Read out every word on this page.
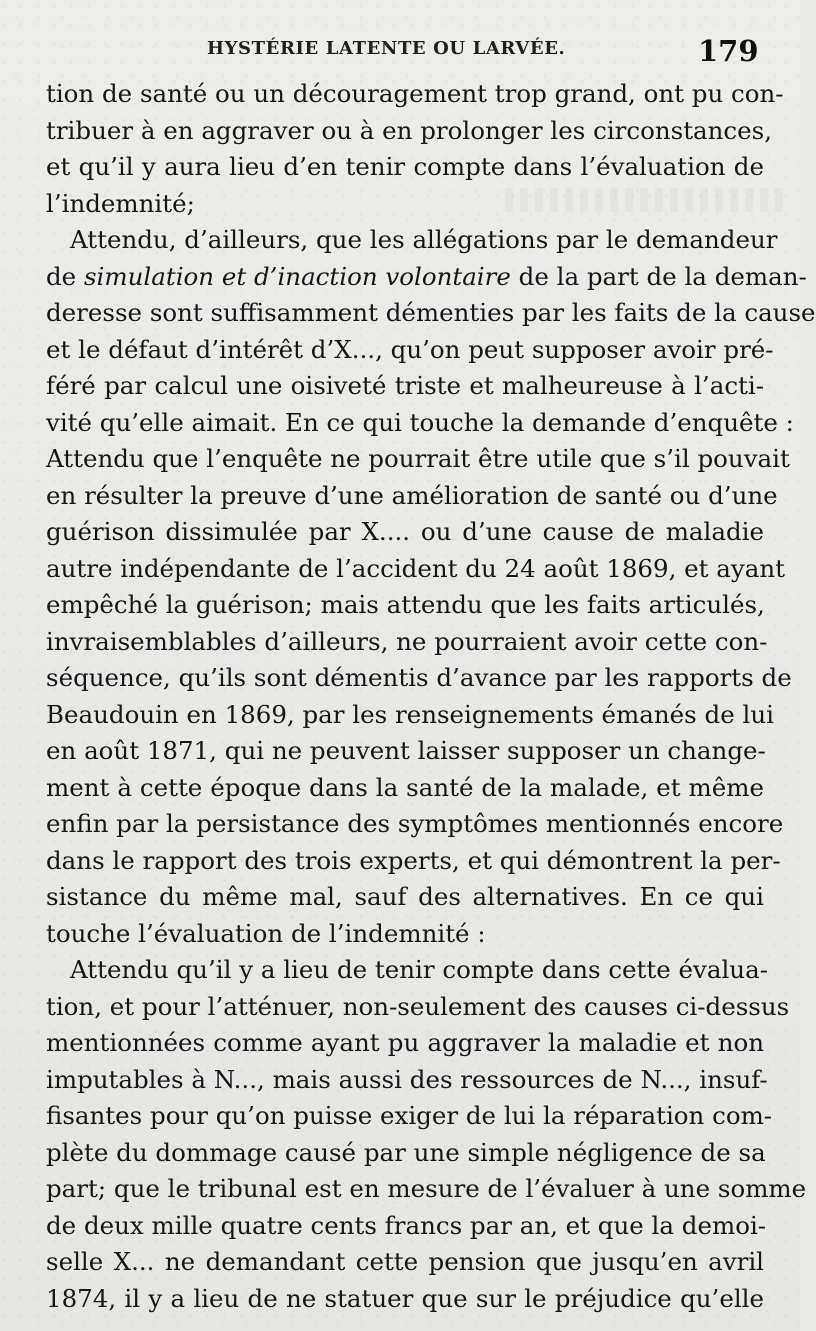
HYSTÉRIE LATENTE OU LARVÉE.	179
tion de santé ou un découragement trop grand, ont pu con-
tribuer à en aggraver ou à en prolonger les circonstances,
et qu’il y aura lieu d’en tenir compte dans l’évaluation de
l’indemnité;
Attendu, d’ailleurs, que les allégations par le demandeur
de simulation et d’inaction volontaire de la part de la deman-
deresse sont suffisamment démenties par les faits de la cause
et le défaut d’intérêt d’X..., qu’on peut supposer avoir pré-
féré par calcul une oisiveté triste et malheureuse à l’acti-
vité qu’elle aimait. En ce qui touche la demande d’enquête :
Attendu que l’enquête ne pourrait être utile que s’il pouvait
en résulter la preuve d’une amélioration de santé ou d’une
guérison dissimulée par X.... ou d’une cause de maladie
autre indépendante de l’accident du 24 août 1869, et ayant
empêché la guérison; mais attendu que les faits articulés,
invraisemblables d’ailleurs, ne pourraient avoir cette con-
séquence, qu’ils sont démentis d’avance par les rapports de
Beaudouin en 1869, par les renseignements émanés de lui
en août 1871, qui ne peuvent laisser supposer un change-
ment à cette époque dans la santé de la malade, et même
enfin par la persistance des symptômes mentionnés encore
dans le rapport des trois experts, et qui démontrent la per-
sistance du même mal, sauf des alternatives. En ce qui
touche l’évaluation de l’indemnité :
Attendu qu’il y a lieu de tenir compte dans cette évalua-
tion, et pour l’atténuer, non-seulement des causes ci-dessus
mentionnées comme ayant pu aggraver la maladie et non
imputables à N..., mais aussi des ressources de N..., insuf-
fisantes pour qu’on puisse exiger de lui la réparation com-
plète du dommage causé par une simple négligence de sa
part; que le tribunal est en mesure de l’évaluer à une somme
de deux mille quatre cents francs par an, et que la demoi-
selle X... ne demandant cette pension que jusqu’en avril
1874, il y a lieu de ne statuer que sur le préjudice qu’elle
